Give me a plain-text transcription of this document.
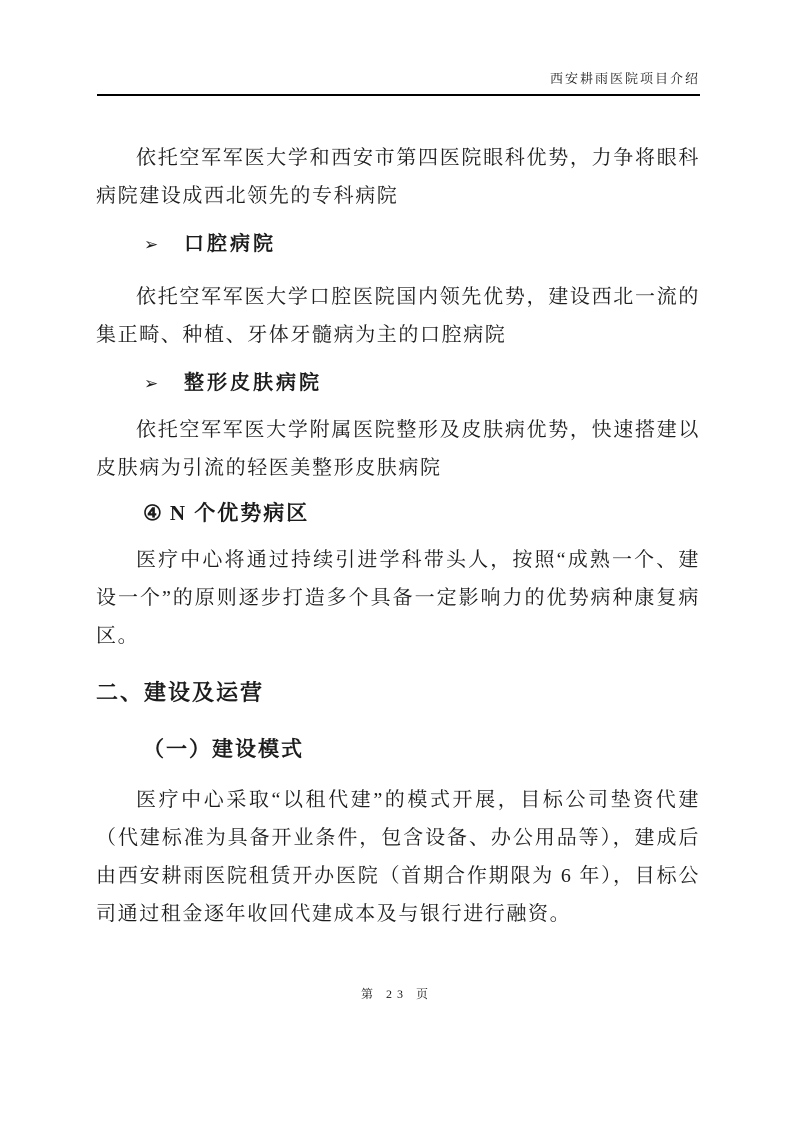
西安耕雨医院项目介绍

依托空军军医大学和西安市第四医院眼科优势，力争将眼科病院建设成西北领先的专科病院

➢ 口腔病院

依托空军军医大学口腔医院国内领先优势，建设西北一流的集正畸、种植、牙体牙髓病为主的口腔病院

➢ 整形皮肤病院

依托空军军医大学附属医院整形及皮肤病优势，快速搭建以皮肤病为引流的轻医美整形皮肤病院

④ N 个优势病区

医疗中心将通过持续引进学科带头人，按照“成熟一个、建设一个”的原则逐步打造多个具备一定影响力的优势病种康复病区。

二、建设及运营
（一）建设模式

医疗中心采取“以租代建”的模式开展，目标公司垫资代建（代建标准为具备开业条件，包含设备、办公用品等），建成后由西安耕雨医院租赁开办医院（首期合作期限为 6 年），目标公司通过租金逐年收回代建成本及与银行进行融资。

第 23 页
